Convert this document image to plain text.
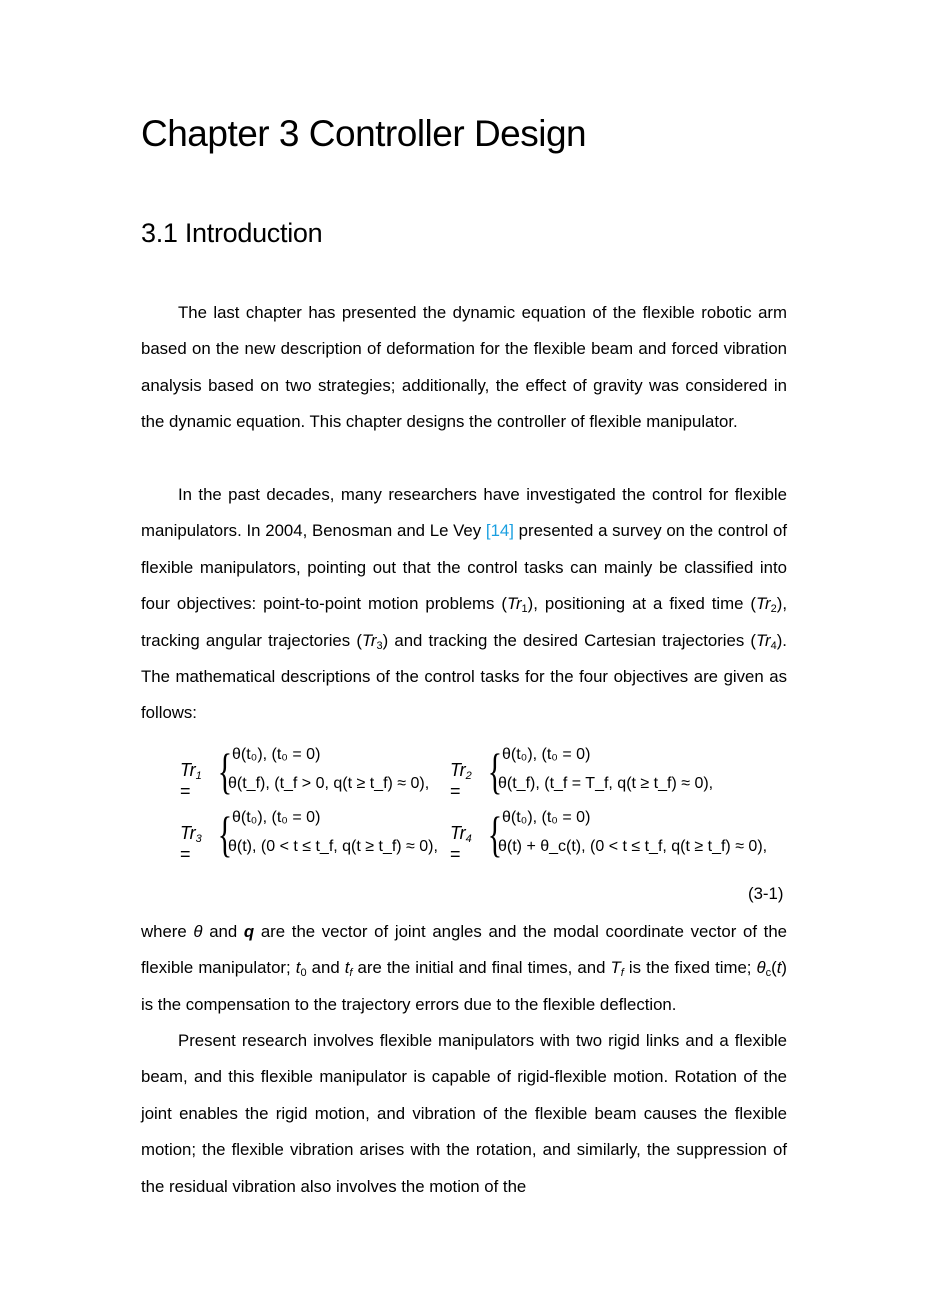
Chapter 3 Controller Design
3.1 Introduction

The last chapter has presented the dynamic equation of the flexible robotic arm based on the new description of deformation for the flexible beam and forced vibration analysis based on two strategies; additionally, the effect of gravity was considered in the dynamic equation. This chapter designs the controller of flexible manipulator.

In the past decades, many researchers have investigated the control for flexible manipulators. In 2004, Benosman and Le Vey [14] presented a survey on the control of flexible manipulators, pointing out that the control tasks can mainly be classified into four objectives: point-to-point motion problems $(Tr_1)$, positioning at a fixed time $(Tr_2)$, tracking angular trajectories $(Tr_3)$ and tracking the desired Cartesian trajectories $(Tr_4)$. The mathematical descriptions of the control tasks for the four objectives are given as follows:

$Tr_1$ = { θ(t₀), (t₀ = 0)
θ(t_f), (t_f > 0, q(t ≥ t_f) ≈ 0),
$Tr_2$ = { θ(t₀), (t₀ = 0)
θ(t_f), (t_f = T_f, q(t ≥ t_f) ≈ 0),
$Tr_3$ = { θ(t₀), (t₀ = 0)
θ(t), (0 < t ≤ t_f, q(t ≥ t_f) ≈ 0),
$Tr_4$ = { θ(t₀), (t₀ = 0)
θ(t) + θ_c(t), (0 < t ≤ t_f, q(t ≥ t_f) ≈ 0),
(3-1)

where θ and q are the vector of joint angles and the modal coordinate vector of the flexible manipulator; $t_0$ and $t_f$ are the initial and final times, and $T_f$ is the fixed time; $\theta_c(t)$ is the compensation to the trajectory errors due to the flexible deflection.

Present research involves flexible manipulators with two rigid links and a flexible beam, and this flexible manipulator is capable of rigid-flexible motion. Rotation of the joint enables the rigid motion, and vibration of the flexible beam causes the flexible motion; the flexible vibration arises with the rotation, and similarly, the suppression of the residual vibration also involves the motion of the
